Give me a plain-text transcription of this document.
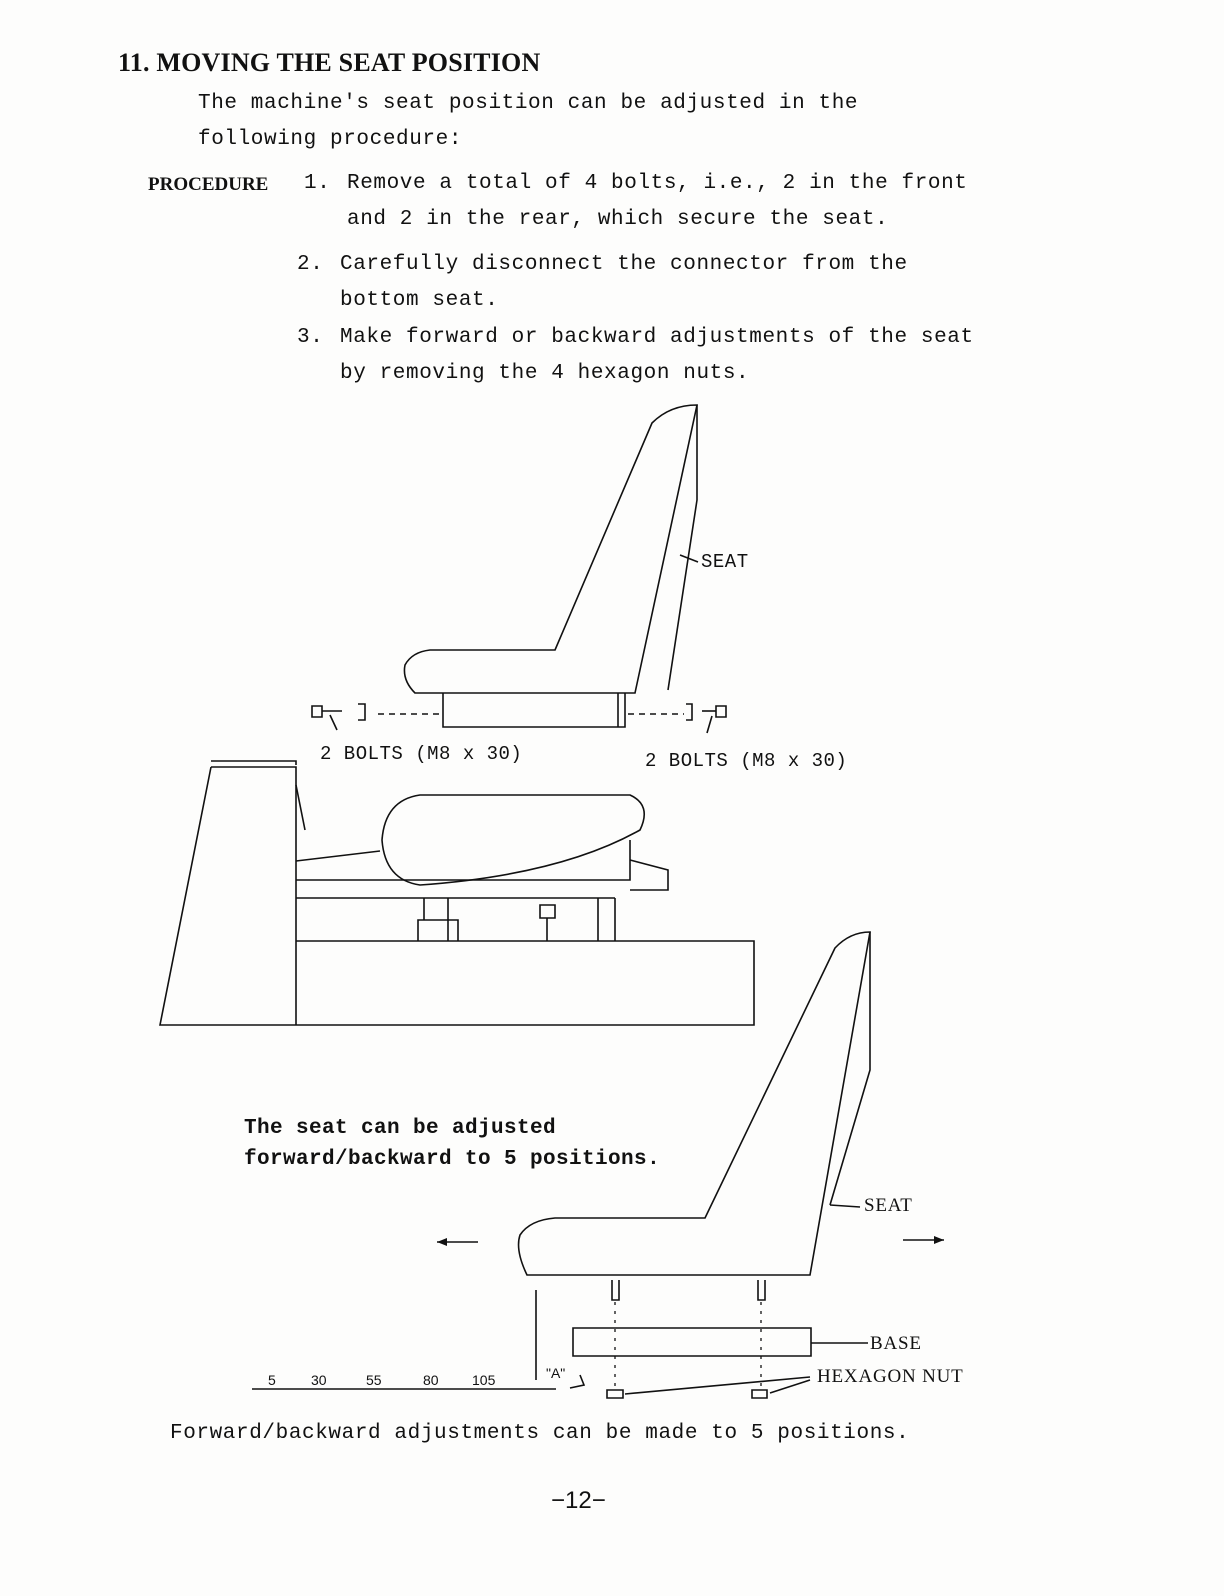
11. MOVING THE SEAT POSITION
The machine's seat position can be adjusted in the
following procedure:
PROCEDURE 1. Remove a total of 4 bolts, i.e., 2 in the front
and 2 in the rear, which secure the seat.
2. Carefully disconnect the connector from the
bottom seat.
3. Make forward or backward adjustments of the seat
by removing the 4 hexagon nuts.
SEAT
2 BOLTS (M8 x 30)	2 BOLTS (M8 x 30)
The seat can be adjusted
forward/backward to 5 positions.
SEAT
BASE
HEXAGON NUT
"A"
5	30	55	80 105
Forward/backward adjustments can be made to 5 positions.
−12−
